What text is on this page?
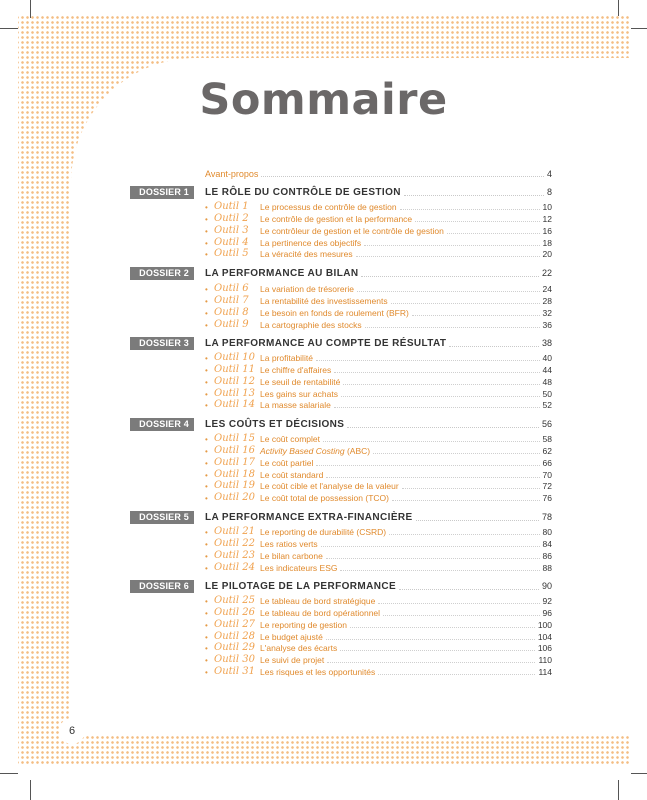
Sommaire
Avant-propos	4
DOSSIER 1	LE RÔLE DU CONTRÔLE DE GESTION	8
• Outil 1	Le processus de contrôle de gestion	10
• Outil 2	Le contrôle de gestion et la performance	12
• Outil 3	Le contrôleur de gestion et le contrôle de gestion	16
• Outil 4	La pertinence des objectifs	18
• Outil 5	La véracité des mesures	20
DOSSIER 2	LA PERFORMANCE AU BILAN	22
• Outil 6	La variation de trésorerie	24
• Outil 7	La rentabilité des investissements	28
• Outil 8	Le besoin en fonds de roulement (BFR)	32
• Outil 9	La cartographie des stocks	36
DOSSIER 3	LA PERFORMANCE AU COMPTE DE RÉSULTAT	38
• Outil 10 La profitabilité	40
• Outil 11 Le chiffre d'affaires	44
• Outil 12 Le seuil de rentabilité	48
• Outil 13 Les gains sur achats	50
• Outil 14 La masse salariale	52
DOSSIER 4	LES COÛTS ET DÉCISIONS	56
• Outil 15 Le coût complet	58
• Outil 16 Activity Based Costing (ABC)	62
• Outil 17 Le coût partiel	66
• Outil 18 Le coût standard	70
• Outil 19 Le coût cible et l'analyse de la valeur	72
• Outil 20 Le coût total de possession (TCO)	76
DOSSIER 5	LA PERFORMANCE EXTRA-FINANCIÈRE	78
• Outil 21 Le reporting de durabilité (CSRD)	80
• Outil 22 Les ratios verts	84
• Outil 23 Le bilan carbone	86
• Outil 24 Les indicateurs ESG	88
DOSSIER 6	LE PILOTAGE DE LA PERFORMANCE	90
• Outil 25 Le tableau de bord stratégique	92
• Outil 26 Le tableau de bord opérationnel	96
• Outil 27 Le reporting de gestion	100
• Outil 28 Le budget ajusté	104
• Outil 29 L'analyse des écarts	106
• Outil 30 Le suivi de projet	110
• Outil 31 Les risques et les opportunités	114
6
